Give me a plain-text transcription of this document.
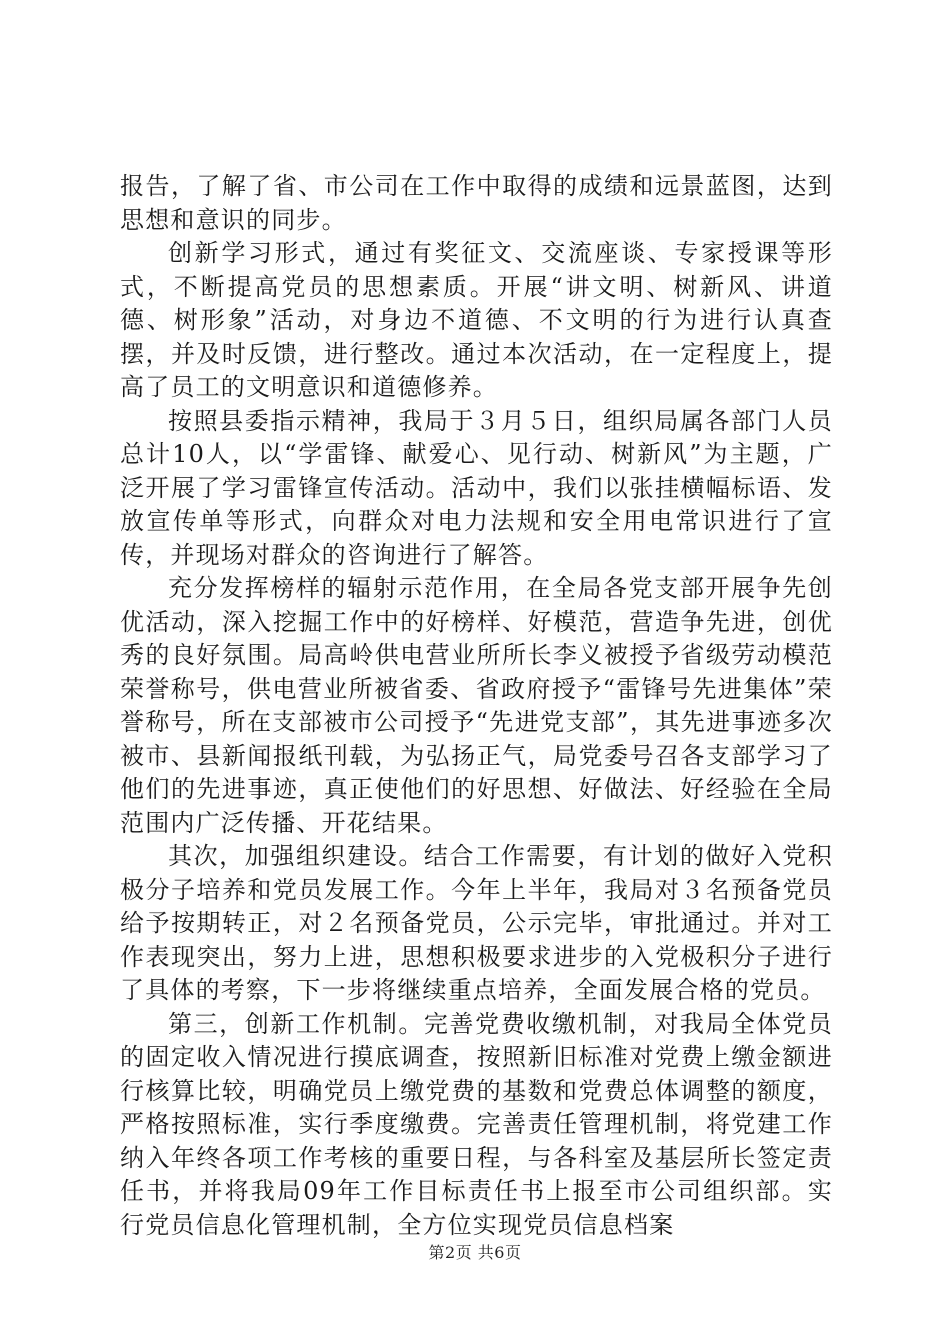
报告，了解了省、市公司在工作中取得的成绩和远景蓝图，达到思想和意识的同步。

创新学习形式，通过有奖征文、交流座谈、专家授课等形式，不断提高党员的思想素质。开展“讲文明、树新风、讲道德、树形象”活动，对身边不道德、不文明的行为进行认真查摆，并及时反馈，进行整改。通过本次活动，在一定程度上，提高了员工的文明意识和道德修养。

按照县委指示精神，我局于３月５日，组织局属各部门人员总计10人，以“学雷锋、献爱心、见行动、树新风”为主题，广泛开展了学习雷锋宣传活动。活动中，我们以张挂横幅标语、发放宣传单等形式，向群众对电力法规和安全用电常识进行了宣传，并现场对群众的咨询进行了解答。

充分发挥榜样的辐射示范作用，在全局各党支部开展争先创优活动，深入挖掘工作中的好榜样、好模范，营造争先进，创优秀的良好氛围。局高岭供电营业所所长李义被授予省级劳动模范荣誉称号，供电营业所被省委、省政府授予“雷锋号先进集体”荣誉称号，所在支部被市公司授予“先进党支部”，其先进事迹多次被市、县新闻报纸刊载，为弘扬正气，局党委号召各支部学习了他们的先进事迹，真正使他们的好思想、好做法、好经验在全局范围内广泛传播、开花结果。

其次，加强组织建设。结合工作需要，有计划的做好入党积极分子培养和党员发展工作。今年上半年，我局对３名预备党员给予按期转正，对２名预备党员，公示完毕，审批通过。并对工作表现突出，努力上进，思想积极要求进步的入党极积分子进行了具体的考察，下一步将继续重点培养，全面发展合格的党员。

第三，创新工作机制。完善党费收缴机制，对我局全体党员的固定收入情况进行摸底调查，按照新旧标准对党费上缴金额进行核算比较，明确党员上缴党费的基数和党费总体调整的额度，严格按照标准，实行季度缴费。完善责任管理机制，将党建工作纳入年终各项工作考核的重要日程，与各科室及基层所长签定责任书，并将我局09年工作目标责任书上报至市公司组织部。实行党员信息化管理机制，全方位实现党员信息档案

第2页 共6页
